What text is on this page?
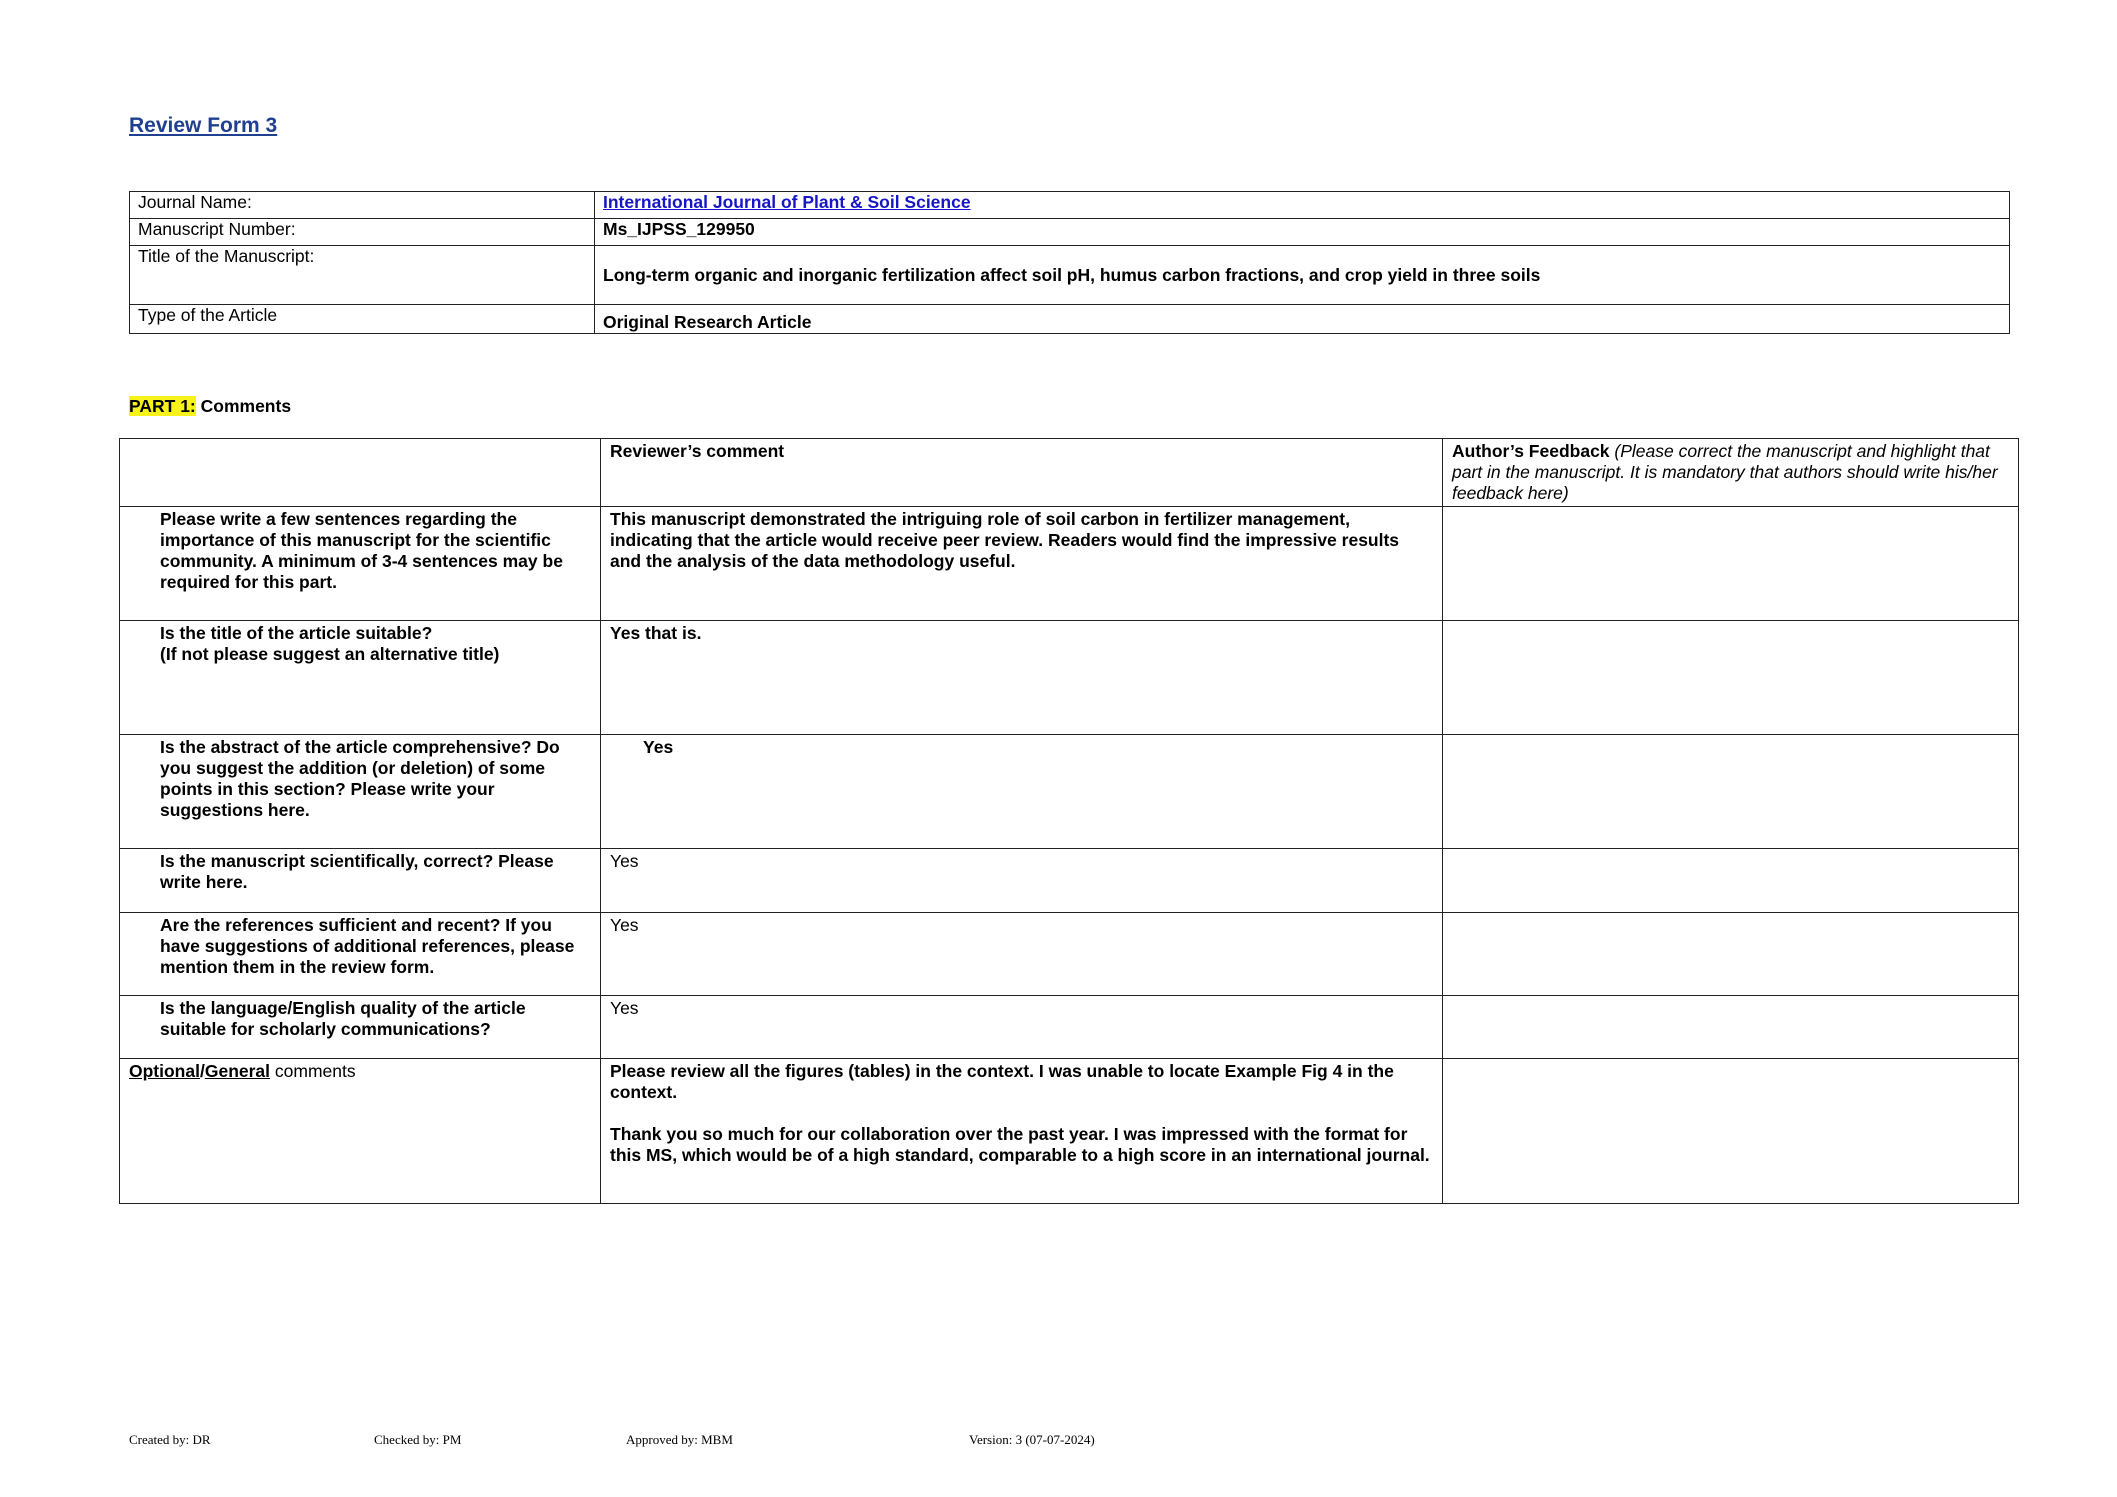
Review Form 3
Journal Name:	International Journal of Plant & Soil Science
Manuscript Number:	Ms_IJPSS_129950
Title of the Manuscript:	Long-term organic and inorganic fertilization affect soil pH, humus carbon fractions, and crop yield in three soils
Type of the Article	Original Research Article

PART 1: Comments

	Reviewer’s comment	Author’s Feedback (Please correct the manuscript and highlight that part in the manuscript. It is mandatory that authors should write his/her feedback here)
Please write a few sentences regarding the importance of this manuscript for the scientific community. A minimum of 3-4 sentences may be required for this part.	This manuscript demonstrated the intriguing role of soil carbon in fertilizer management, indicating that the article would receive peer review. Readers would find the impressive results and the analysis of the data methodology useful.	

Is the title of the article suitable?
(If not please suggest an alternative title)	Yes that is.	
Is the abstract of the article comprehensive? Do you suggest the addition (or deletion) of some points in this section? Please write your suggestions here.	Yes	
Is the manuscript scientifically, correct? Please write here.	Yes	
Are the references sufficient and recent? If you have suggestions of additional references, please mention them in the review form.	Yes	
Is the language/English quality of the article suitable for scholarly communications?	Yes	
Optional/General comments	Please review all the figures (tables) in the context. I was unable to locate Example Fig 4 in the context.

Thank you so much for our collaboration over the past year. I was impressed with the format for this MS, which would be of a high standard, comparable to a high score in an international journal.	

Created by: DR	Checked by: PM	Approved by: MBM	Version: 3 (07-07-2024)
